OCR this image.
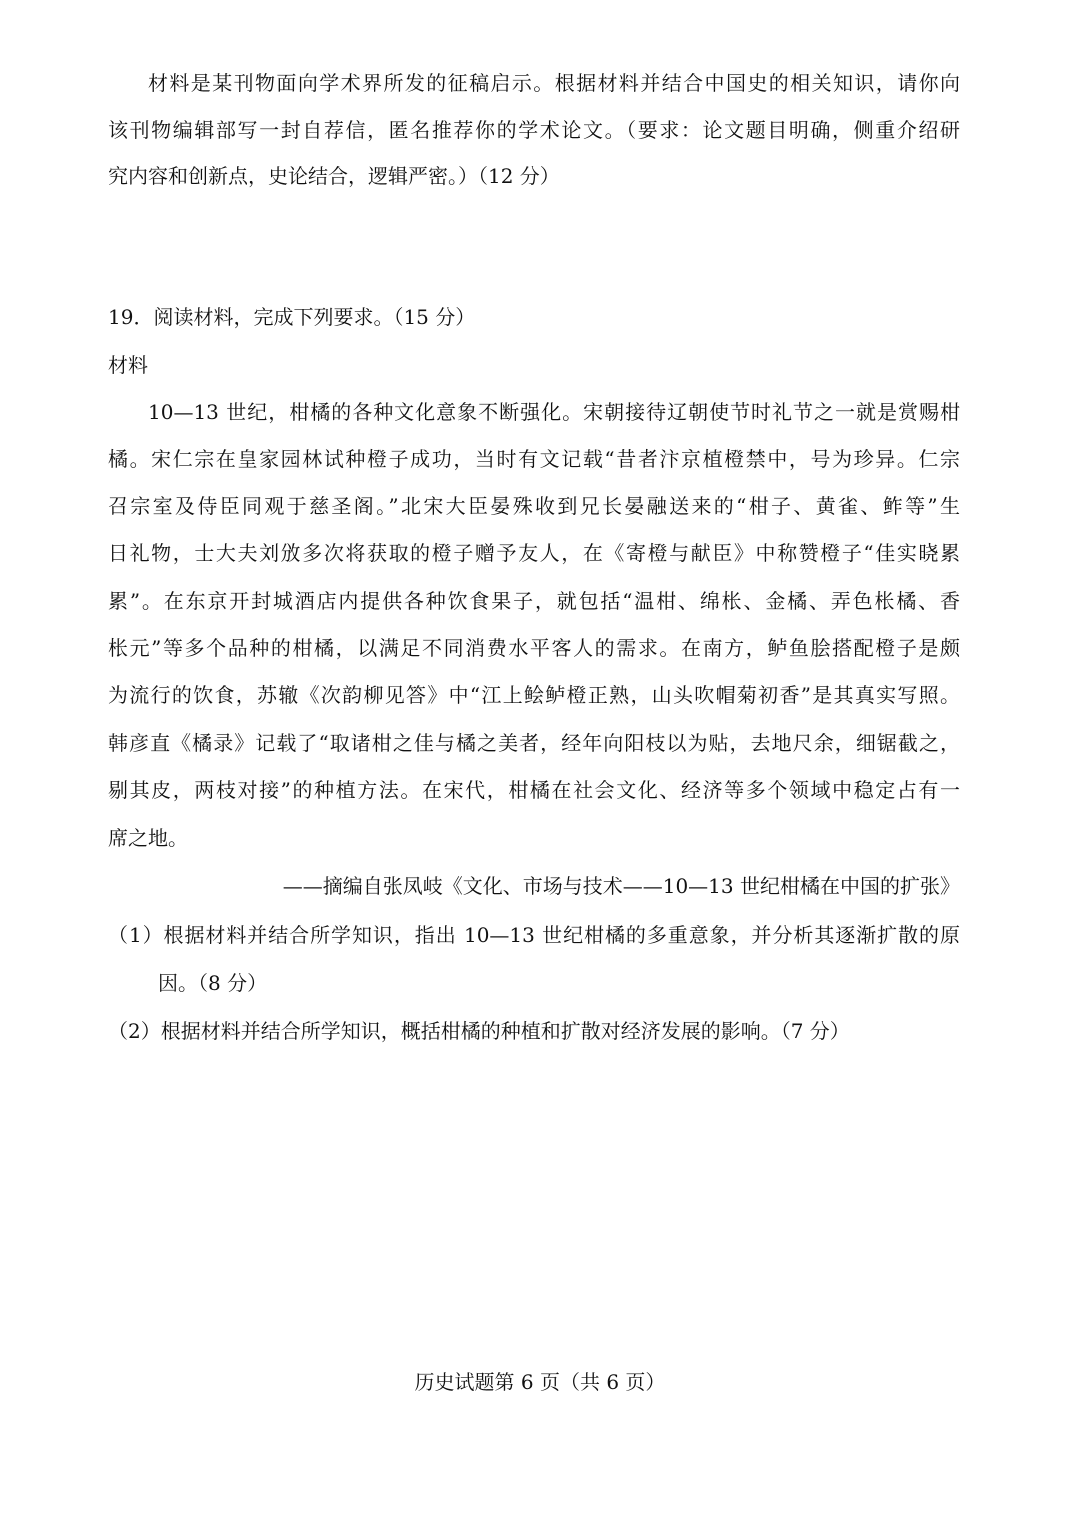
材料是某刊物面向学术界所发的征稿启示。根据材料并结合中国史的相关知识，请你向
该刊物编辑部写一封自荐信，匿名推荐你的学术论文。（要求：论文题目明确，侧重介绍研
究内容和创新点，史论结合，逻辑严密。）（12 分）
19．阅读材料，完成下列要求。（15 分）
材料
10—13 世纪，柑橘的各种文化意象不断强化。宋朝接待辽朝使节时礼节之一就是赏赐柑
橘。宋仁宗在皇家园林试种橙子成功，当时有文记载“昔者汴京植橙禁中，号为珍异。仁宗
召宗室及侍臣同观于慈圣阁。”北宋大臣晏殊收到兄长晏融送来的“柑子、黄雀、鲊等”生
日礼物，士大夫刘攽多次将获取的橙子赠予友人，在《寄橙与献臣》中称赞橙子“佳实晓累
累”。在东京开封城酒店内提供各种饮食果子，就包括“温柑、绵枨、金橘、弄色枨橘、香
枨元”等多个品种的柑橘，以满足不同消费水平客人的需求。在南方，鲈鱼脍搭配橙子是颇
为流行的饮食，苏辙《次韵柳见答》中“江上鲙鲈橙正熟，山头吹帽菊初香”是其真实写照。
韩彦直《橘录》记载了“取诸柑之佳与橘之美者，经年向阳枝以为贴，去地尺余，细锯截之，
剔其皮，两枝对接”的种植方法。在宋代，柑橘在社会文化、经济等多个领域中稳定占有一
席之地。
——摘编自张凤岐《文化、市场与技术——10—13 世纪柑橘在中国的扩张》
（1）根据材料并结合所学知识，指出 10—13 世纪柑橘的多重意象，并分析其逐渐扩散的原
因。（8 分）
（2）根据材料并结合所学知识，概括柑橘的种植和扩散对经济发展的影响。（7 分）
历史试题第 6 页（共 6 页）
